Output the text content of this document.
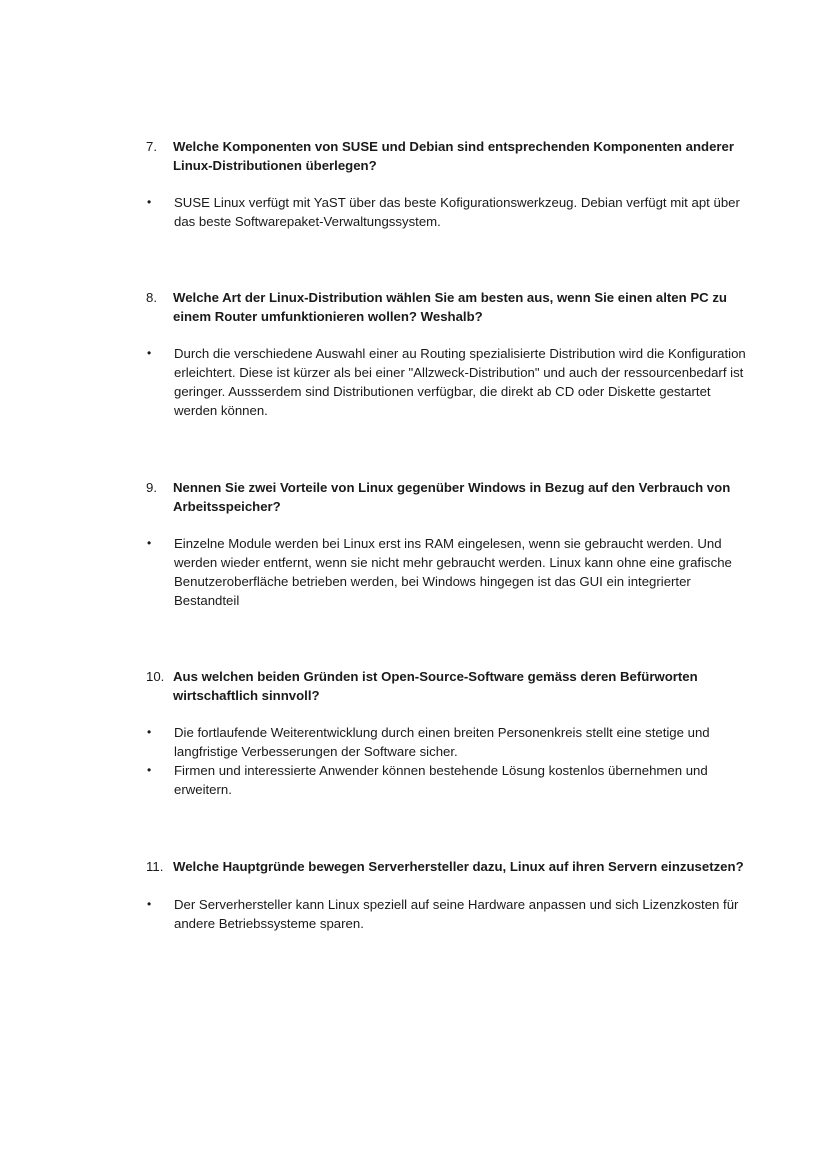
7.	Welche Komponenten von SUSE und Debian sind entsprechenden Komponenten anderer Linux-Distributionen überlegen?
•	SUSE Linux verfügt mit YaST über das beste Kofigurationswerkzeug. Debian verfügt mit apt über das beste Softwarepaket-Verwaltungssystem.
8.	Welche Art der Linux-Distribution wählen Sie am besten aus, wenn Sie einen alten PC zu einem Router umfunktionieren wollen? Weshalb?
•	Durch die verschiedene Auswahl einer au Routing spezialisierte Distribution wird die Konfiguration erleichtert. Diese ist kürzer als bei einer "Allzweck-Distribution" und auch der ressourcenbedarf ist geringer. Aussserdem sind Distributionen verfügbar, die direkt ab CD oder Diskette gestartet werden können.
9.	Nennen Sie zwei Vorteile von Linux gegenüber Windows in Bezug auf den Verbrauch von Arbeitsspeicher?
•	Einzelne Module werden bei Linux erst ins RAM eingelesen, wenn sie gebraucht werden. Und werden wieder entfernt, wenn sie nicht mehr gebraucht werden. Linux kann ohne eine grafische Benutzeroberfläche betrieben werden, bei Windows hingegen ist das GUI ein integrierter Bestandteil
10. Aus welchen beiden Gründen ist Open-Source-Software gemäss deren Befürworten wirtschaftlich sinnvoll?
•	Die fortlaufende Weiterentwicklung durch einen breiten Personenkreis stellt eine stetige und langfristige Verbesserungen der Software sicher.
•	Firmen und interessierte Anwender können bestehende Lösung kostenlos übernehmen und erweitern.
11. Welche Hauptgründe bewegen Serverhersteller dazu, Linux auf ihren Servern einzusetzen?
•	Der Serverhersteller kann Linux speziell auf seine Hardware anpassen und sich Lizenzkosten für andere Betriebssysteme sparen.
